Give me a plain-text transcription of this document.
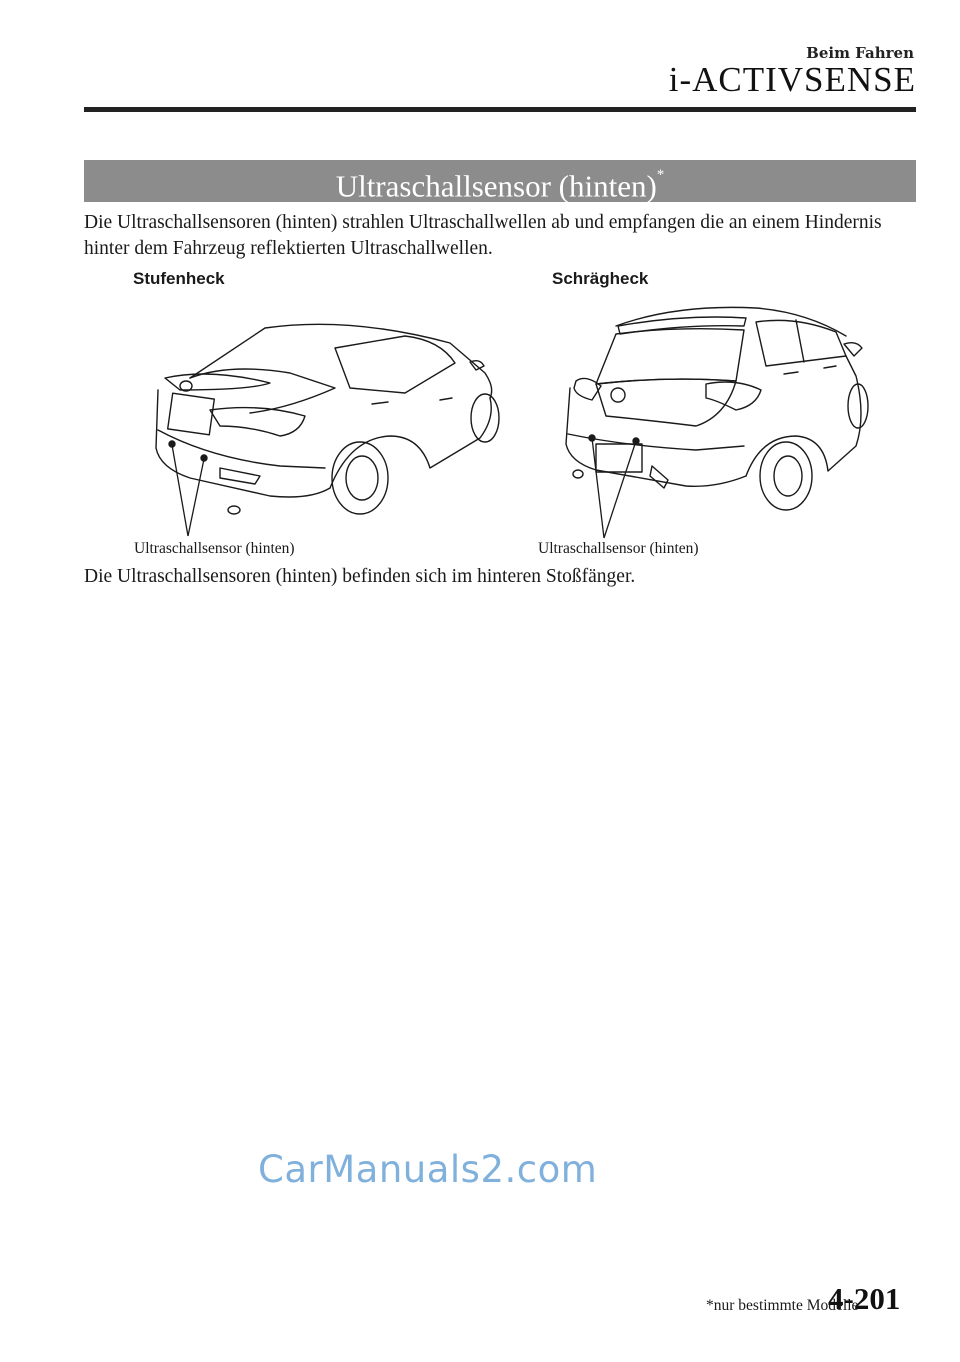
Beim Fahren
i-ACTIVSENSE
Ultraschallsensor (hinten)*
Die Ultraschallsensoren (hinten) strahlen Ultraschallwellen ab und empfangen die an einem Hindernis hinter dem Fahrzeug reflektierten Ultraschallwellen.
Stufenheck	Schrägheck
Ultraschallsensor (hinten)	Ultraschallsensor (hinten)
Die Ultraschallsensoren (hinten) befinden sich im hinteren Stoßfänger.
CarManuals2.com
*nur bestimmte Modelle
4-201
